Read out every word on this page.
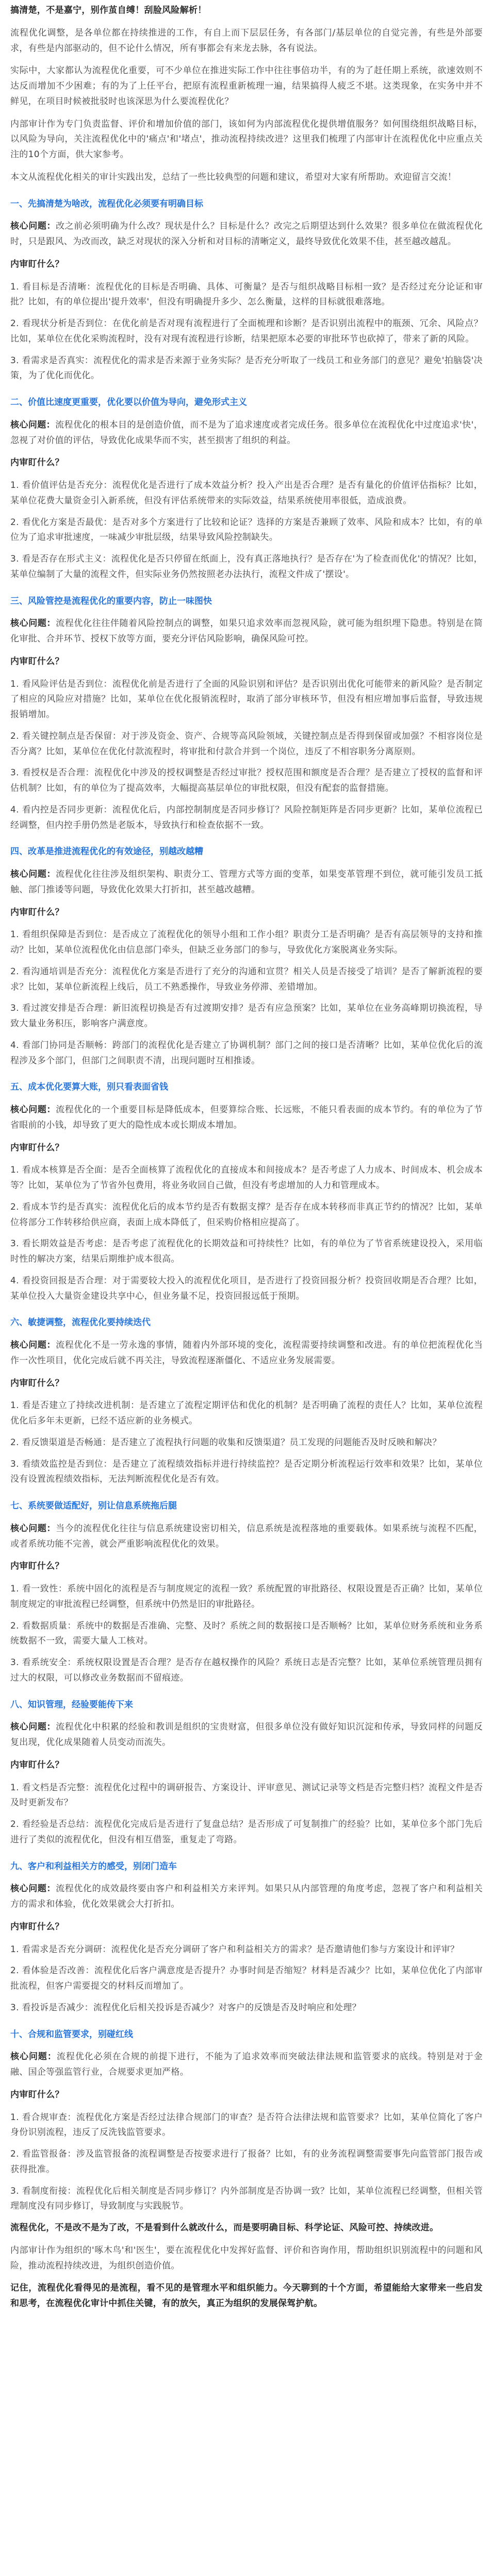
搞清楚，不是嘉宁，别作茧自缚！刮脸风险解析！

流程优化调整，是各单位都在持续推进的工作，有自上而下层层任务，有各部门/基层单位的自觉完善，有些是外部要求，有些是内部驱动的，但不论什么情况，所有事都会有来龙去脉，各有说法。

实际中，大家都认为流程优化重要，可不少单位在推进实际工作中往往事倍功半，有的为了赶任期上系统，欲速效则不达反而增加不少困难；有的为了上任平台，把原有流程重新梳理一遍，结果搞得人疲乏不堪。这类现象，在实务中并不鲜见，在项目时候被批驳时也该深思为什么要流程优化？

内部审计作为专门负责监督、评价和增加价值的部门，该如何为内部流程优化提供增值服务？如何围绕组织战略目标，以风险为导向，关注流程优化中的'痛点'和'堵点'，推动流程持续改进？这里我们梳理了内部审计在流程优化中应重点关注的10个方面，供大家参考。

本文从流程优化相关的审计实践出发，总结了一些比较典型的问题和建议，希望对大家有所帮助。欢迎留言交流！

一、先搞清楚为啥改，流程优化必须要有明确目标

核心问题：改之前必须明确为什么改？现状是什么？目标是什么？改完之后期望达到什么效果？很多单位在做流程优化时，只是跟风、为改而改，缺乏对现状的深入分析和对目标的清晰定义，最终导致优化效果不佳，甚至越改越乱。

内审盯什么？

1. 看目标是否清晰：流程优化的目标是否明确、具体、可衡量？是否与组织战略目标相一致？是否经过充分论证和审批？比如，有的单位提出'提升效率'，但没有明确提升多少、怎么衡量，这样的目标就很难落地。

2. 看现状分析是否到位：在优化前是否对现有流程进行了全面梳理和诊断？是否识别出流程中的瓶颈、冗余、风险点？比如，某单位在优化采购流程时，没有对现有流程进行诊断，结果把原本必要的审批环节也砍掉了，带来了新的风险。

3. 看需求是否真实：流程优化的需求是否来源于业务实际？是否充分听取了一线员工和业务部门的意见？避免'拍脑袋'决策，为了优化而优化。

二、价值比速度更重要，优化要以价值为导向，避免形式主义

核心问题：流程优化的根本目的是创造价值，而不是为了追求速度或者完成任务。很多单位在流程优化中过度追求'快'，忽视了对价值的评估，导致优化成果华而不实，甚至损害了组织的利益。

内审盯什么？

1. 看价值评估是否充分：流程优化是否进行了成本效益分析？投入产出是否合理？是否有量化的价值评估指标？比如，某单位花费大量资金引入新系统，但没有评估系统带来的实际效益，结果系统使用率很低，造成浪费。

2. 看优化方案是否最优：是否对多个方案进行了比较和论证？选择的方案是否兼顾了效率、风险和成本？比如，有的单位为了追求审批速度，一味减少审批层级，结果导致风险控制缺失。

3. 看是否存在形式主义：流程优化是否只停留在纸面上，没有真正落地执行？是否存在'为了检查而优化'的情况？比如，某单位编制了大量的流程文件，但实际业务仍然按照老办法执行，流程文件成了'摆设'。

三、风险管控是流程优化的重要内容，防止一味图快

核心问题：流程优化往往伴随着风险控制点的调整，如果只追求效率而忽视风险，就可能为组织埋下隐患。特别是在简化审批、合并环节、授权下放等方面，要充分评估风险影响，确保风险可控。

内审盯什么？

1. 看风险评估是否到位：流程优化前是否进行了全面的风险识别和评估？是否识别出优化可能带来的新风险？是否制定了相应的风险应对措施？比如，某单位在优化报销流程时，取消了部分审核环节，但没有相应增加事后监督，导致违规报销增加。

2. 看关键控制点是否保留：对于涉及资金、资产、合规等高风险领域，关键控制点是否得到保留或加强？不相容岗位是否分离？比如，某单位在优化付款流程时，将审批和付款合并到一个岗位，违反了不相容职务分离原则。

3. 看授权是否合理：流程优化中涉及的授权调整是否经过审批？授权范围和额度是否合理？是否建立了授权的监督和评估机制？比如，有的单位为了提高效率，大幅提高基层单位的审批权限，但没有配套的监督措施。

4. 看内控是否同步更新：流程优化后，内部控制制度是否同步修订？风险控制矩阵是否同步更新？比如，某单位流程已经调整，但内控手册仍然是老版本，导致执行和检查依据不一致。

四、改革是推进流程优化的有效途径，别越改越糟

核心问题：流程优化往往涉及组织架构、职责分工、管理方式等方面的变革，如果变革管理不到位，就可能引发员工抵触、部门推诿等问题，导致优化效果大打折扣，甚至越改越糟。

内审盯什么？

1. 看组织保障是否到位：是否成立了流程优化的领导小组和工作小组？职责分工是否明确？是否有高层领导的支持和推动？比如，某单位流程优化由信息部门牵头，但缺乏业务部门的参与，导致优化方案脱离业务实际。

2. 看沟通培训是否充分：流程优化方案是否进行了充分的沟通和宣贯？相关人员是否接受了培训？是否了解新流程的要求？比如，某单位新流程上线后，员工不熟悉操作，导致业务停滞、差错增加。

3. 看过渡安排是否合理：新旧流程切换是否有过渡期安排？是否有应急预案？比如，某单位在业务高峰期切换流程，导致大量业务积压，影响客户满意度。

4. 看部门协同是否顺畅：跨部门的流程优化是否建立了协调机制？部门之间的接口是否清晰？比如，某单位优化后的流程涉及多个部门，但部门之间职责不清，出现问题时互相推诿。

五、成本优化要算大账，别只看表面省钱

核心问题：流程优化的一个重要目标是降低成本，但要算综合账、长远账，不能只看表面的成本节约。有的单位为了节省眼前的小钱，却导致了更大的隐性成本或长期成本增加。

内审盯什么？

1. 看成本核算是否全面：是否全面核算了流程优化的直接成本和间接成本？是否考虑了人力成本、时间成本、机会成本等？比如，某单位为了节省外包费用，将业务收回自己做，但没有考虑增加的人力和管理成本。

2. 看成本节约是否真实：流程优化后的成本节约是否有数据支撑？是否存在成本转移而非真正节约的情况？比如，某单位将部分工作转移给供应商，表面上成本降低了，但采购价格相应提高了。

3. 看长期效益是否考虑：是否考虑了流程优化的长期效益和可持续性？比如，有的单位为了节省系统建设投入，采用临时性的解决方案，结果后期维护成本很高。

4. 看投资回报是否合理：对于需要较大投入的流程优化项目，是否进行了投资回报分析？投资回收期是否合理？比如，某单位投入大量资金建设共享中心，但业务量不足，投资回报远低于预期。

六、敏捷调整，流程优化要持续迭代

核心问题：流程优化不是一劳永逸的事情，随着内外部环境的变化，流程需要持续调整和改进。有的单位把流程优化当作一次性项目，优化完成后就不再关注，导致流程逐渐僵化、不适应业务发展需要。

内审盯什么？

1. 看是否建立了持续改进机制：是否建立了流程定期评估和优化的机制？是否明确了流程的责任人？比如，某单位流程优化后多年未更新，已经不适应新的业务模式。

2. 看反馈渠道是否畅通：是否建立了流程执行问题的收集和反馈渠道？员工发现的问题能否及时反映和解决？

3. 看绩效监控是否到位：是否建立了流程绩效指标并进行持续监控？是否定期分析流程运行效率和效果？比如，某单位没有设置流程绩效指标，无法判断流程优化是否有效。

七、系统要做适配好，别让信息系统拖后腿

核心问题：当今的流程优化往往与信息系统建设密切相关，信息系统是流程落地的重要载体。如果系统与流程不匹配，或者系统功能不完善，就会严重影响流程优化的效果。

内审盯什么？

1. 看一致性：系统中固化的流程是否与制度规定的流程一致？系统配置的审批路径、权限设置是否正确？比如，某单位制度规定的审批流程已经调整，但系统中仍然是旧的审批路径。

2. 看数据质量：系统中的数据是否准确、完整、及时？系统之间的数据接口是否顺畅？比如，某单位财务系统和业务系统数据不一致，需要大量人工核对。

3. 看系统安全：系统权限设置是否合理？是否存在越权操作的风险？系统日志是否完整？比如，某单位系统管理员拥有过大的权限，可以修改业务数据而不留痕迹。

八、知识管理，经验要能传下来

核心问题：流程优化中积累的经验和教训是组织的宝贵财富，但很多单位没有做好知识沉淀和传承，导致同样的问题反复出现，优化成果随着人员变动而流失。

内审盯什么？

1. 看文档是否完整：流程优化过程中的调研报告、方案设计、评审意见、测试记录等文档是否完整归档？流程文件是否及时更新发布？

2. 看经验是否总结：流程优化完成后是否进行了复盘总结？是否形成了可复制推广的经验？比如，某单位多个部门先后进行了类似的流程优化，但没有相互借鉴，重复走了弯路。

九、客户和利益相关方的感受，别闭门造车

核心问题：流程优化的成效最终要由客户和利益相关方来评判。如果只从内部管理的角度考虑，忽视了客户和利益相关方的需求和体验，优化效果就会大打折扣。

内审盯什么？

1. 看需求是否充分调研：流程优化是否充分调研了客户和利益相关方的需求？是否邀请他们参与方案设计和评审？

2. 看体验是否改善：流程优化后客户满意度是否提升？办事时间是否缩短？材料是否减少？比如，某单位优化了内部审批流程，但客户需要提交的材料反而增加了。

3. 看投诉是否减少：流程优化后相关投诉是否减少？对客户的反馈是否及时响应和处理？

十、合规和监管要求，别碰红线

核心问题：流程优化必须在合规的前提下进行，不能为了追求效率而突破法律法规和监管要求的底线。特别是对于金融、国企等强监管行业，合规要求更加严格。

内审盯什么？

1. 看合规审查：流程优化方案是否经过法律合规部门的审查？是否符合法律法规和监管要求？比如，某单位简化了客户身份识别流程，违反了反洗钱监管要求。

2. 看监管报备：涉及监管报备的流程调整是否按要求进行了报备？比如，有的业务流程调整需要事先向监管部门报告或获得批准。

3. 看制度衔接：流程优化后相关制度是否同步修订？内外部制度是否协调一致？比如，某单位流程已经调整，但相关管理制度没有同步修订，导致制度与实践脱节。

流程优化，不是改不是为了改，不是看到什么就改什么，而是要明确目标、科学论证、风险可控、持续改进。

内部审计作为组织的'啄木鸟'和'医生'，要在流程优化中发挥好监督、评价和咨询作用，帮助组织识别流程中的问题和风险，推动流程持续改进，为组织创造价值。

记住，流程优化看得见的是流程，看不见的是管理水平和组织能力。今天聊到的十个方面，希望能给大家带来一些启发和思考，在流程优化审计中抓住关键，有的放矢，真正为组织的发展保驾护航。
